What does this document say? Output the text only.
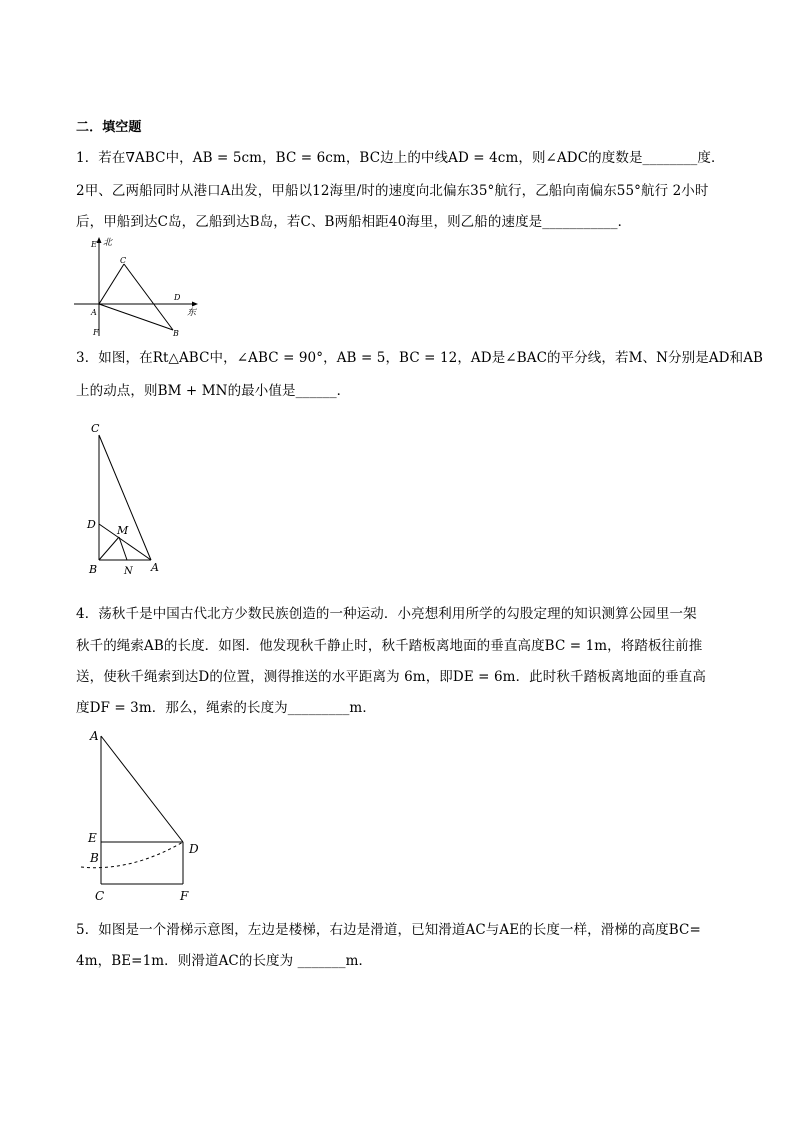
二．填空题
1．若在∇ABC中，AB = 5cm，BC = 6cm，BC边上的中线AD = 4cm，则∠ADC的度数是________度．
2甲、乙两船同时从港口A出发，甲船以12海里/时的速度向北偏东35°航行，乙船向南偏东55°航行 2小时
后，甲船到达C岛，乙船到达B岛，若C、B两船相距40海里，则乙船的速度是___________．
E 北
C
A
D
东
F	B
3．如图，在Rt△ABC中，∠ABC = 90°，AB = 5，BC = 12，AD是∠BAC的平分线，若M、N分别是AD和AB
上的动点，则BM + MN的最小值是______．
C
D M
B	N A
4．荡秋千是中国古代北方少数民族创造的一种运动．小亮想利用所学的勾股定理的知识测算公园里一架
秋千的绳索AB的长度．如图．他发现秋千静止时，秋千踏板离地面的垂直高度BC = 1m，将踏板往前推
送，使秋千绳索到达D的位置，测得推送的水平距离为 6m，即DE = 6m．此时秋千踏板离地面的垂直高
度DF = 3m．那么，绳索的长度为_________m．
A
E
D
B
C	F
5．如图是一个滑梯示意图，左边是楼梯，右边是滑道，已知滑道AC与AE的长度一样，滑梯的高度BC=
4m，BE=1m．则滑道AC的长度为 _______m．
